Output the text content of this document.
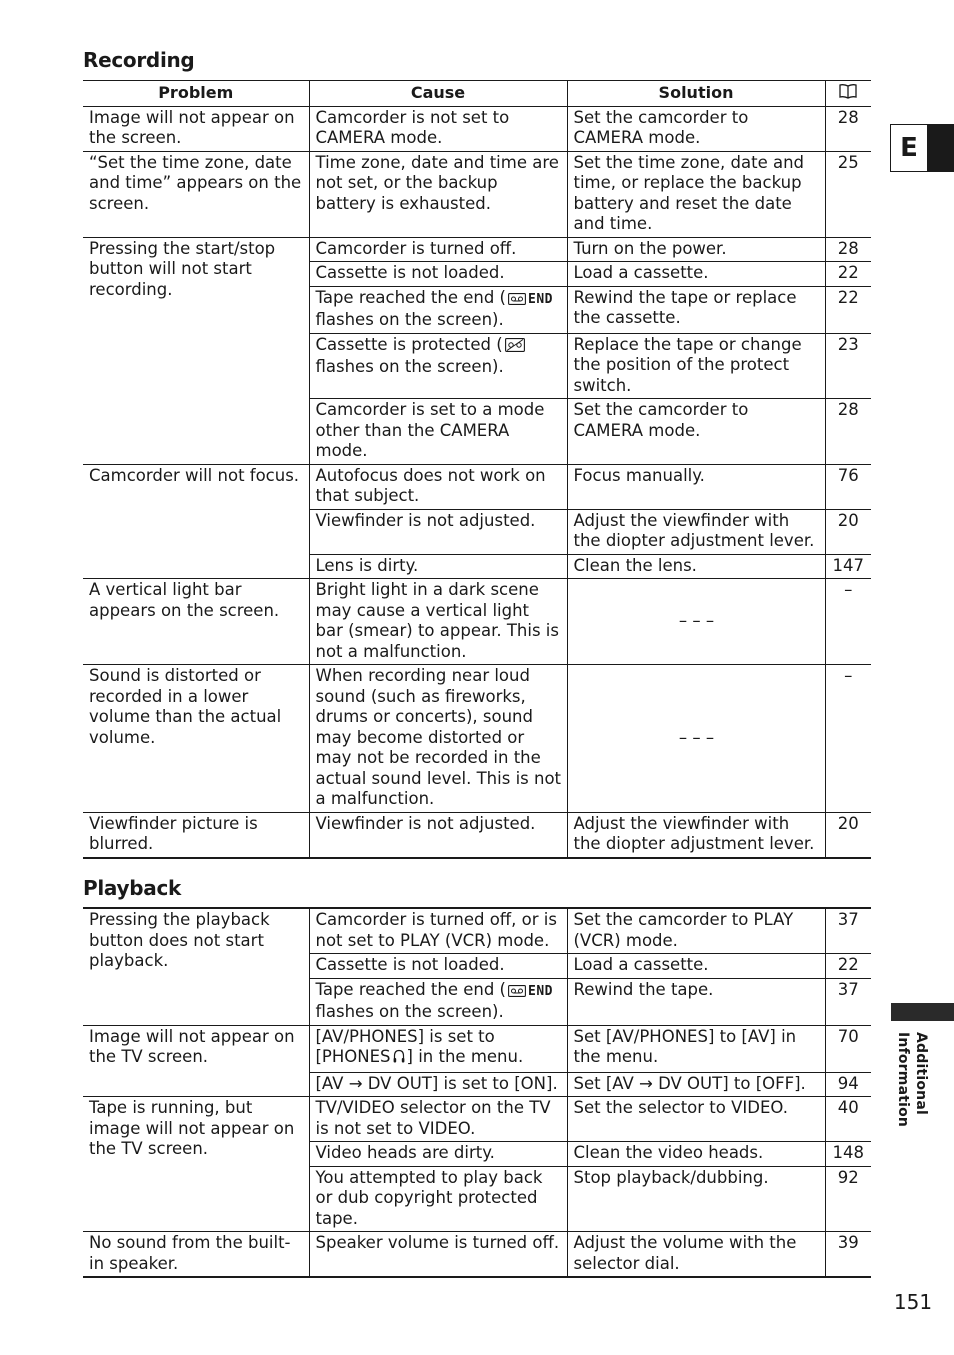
E
Recording
Problem	Cause	Solution	
Image will not appear on the screen.	Camcorder is not set to CAMERA mode.	Set the camcorder to CAMERA mode.	28
“Set the time zone, date and time” appears on the screen.	Time zone, date and time are not set, or the backup battery is exhausted.	Set the time zone, date and time, or replace the backup battery and reset the date and time.	25
Pressing the start/stop button will not start recording.	Camcorder is turned off.	Turn on the power.	28
	Cassette is not loaded.	Load a cassette.	22
	Tape reached the end ( END flashes on the screen).	Rewind the tape or replace the cassette.	22
	Cassette is protected ( flashes on the screen).	Replace the tape or change the position of the protect switch.	23
	Camcorder is set to a mode other than the CAMERA mode.	Set the camcorder to CAMERA mode.	28
Camcorder will not focus.	Autofocus does not work on that subject.	Focus manually.	76
	Viewfinder is not adjusted.	Adjust the viewfinder with the diopter adjustment lever.	20
	Lens is dirty.	Clean the lens.	147
A vertical light bar appears on the screen.	Bright light in a dark scene may cause a vertical light bar (smear) to appear. This is not a malfunction.	– – –	–
Sound is distorted or recorded in a lower volume than the actual volume.	When recording near loud sound (such as fireworks, drums or concerts), sound may become distorted or may not be recorded in the actual sound level. This is not a malfunction.	– – –	–
Viewfinder picture is blurred.	Viewfinder is not adjusted.	Adjust the viewfinder with the diopter adjustment lever.	20
Playback
Pressing the playback button does not start playback.	Camcorder is turned off, or is not set to PLAY (VCR) mode.	Set the camcorder to PLAY (VCR) mode.	37
	Cassette is not loaded.	Load a cassette.	22
	Tape reached the end ( END flashes on the screen).	Rewind the tape.	37
Image will not appear on the TV screen.	[AV/PHONES] is set to [PHONES ] in the menu.	Set [AV/PHONES] to [AV] in the menu.	70
	[AV → DV OUT] is set to [ON].	Set [AV → DV OUT] to [OFF].	94
Tape is running, but image will not appear on the TV screen.	TV/VIDEO selector on the TV is not set to VIDEO.	Set the selector to VIDEO.	40
	Video heads are dirty.	Clean the video heads.	148
	You attempted to play back or dub copyright protected tape.	Stop playback/dubbing.	92
No sound from the built-in speaker.	Speaker volume is turned off.	Adjust the volume with the selector dial.	39
Additional
Information
151
